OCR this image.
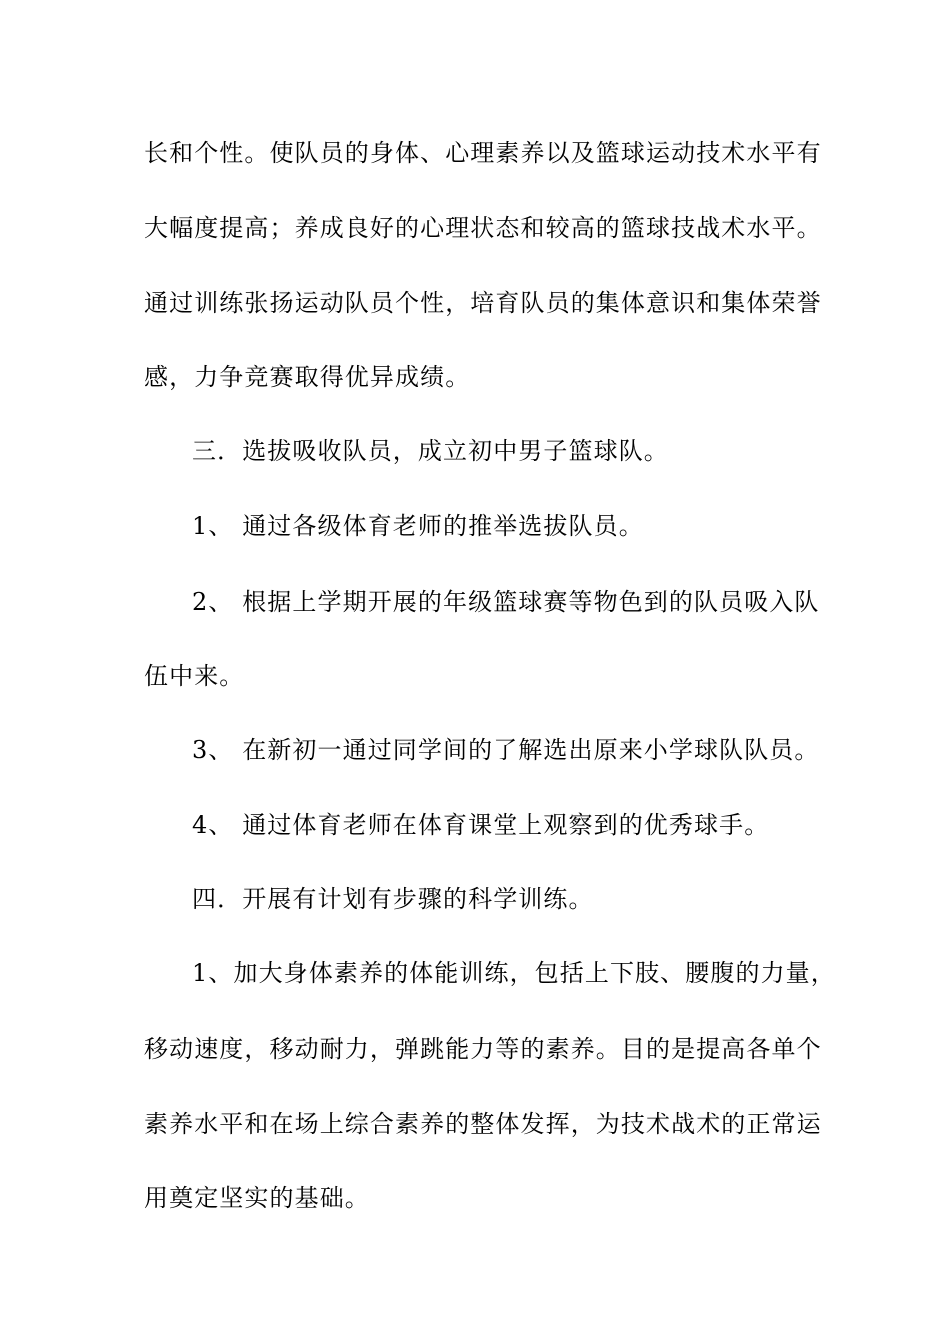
长和个性。使队员的身体、心理素养以及篮球运动技术水平有
大幅度提高；养成良好的心理状态和较高的篮球技战术水平。
通过训练张扬运动队员个性，培育队员的集体意识和集体荣誉
感，力争竞赛取得优异成绩。
三．选拔吸收队员，成立初中男子篮球队。
1、 通过各级体育老师的推举选拔队员。
2、 根据上学期开展的年级篮球赛等物色到的队员吸入队
伍中来。
3、 在新初一通过同学间的了解选出原来小学球队队员。
4、 通过体育老师在体育课堂上观察到的优秀球手。
四．开展有计划有步骤的科学训练。
1、加大身体素养的体能训练，包括上下肢、腰腹的力量，
移动速度，移动耐力，弹跳能力等的素养。目的是提高各单个
素养水平和在场上综合素养的整体发挥，为技术战术的正常运
用奠定坚实的基础。
